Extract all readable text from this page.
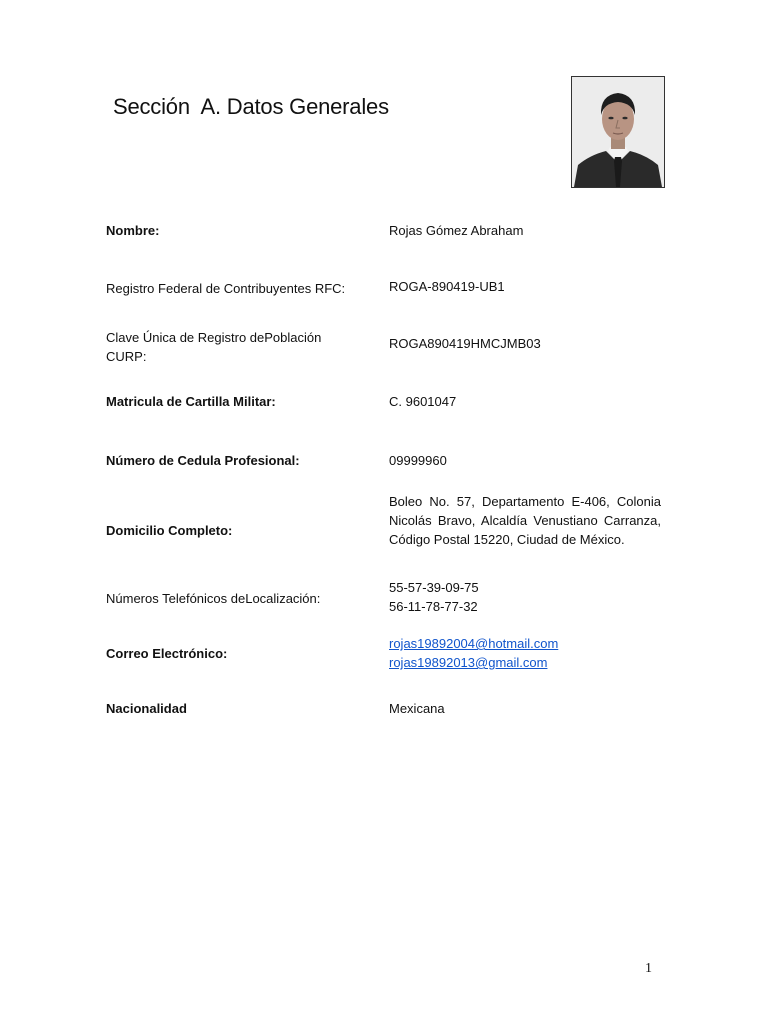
Sección  A. Datos Generales
Nombre:	Rojas Gómez Abraham
Registro Federal de Contribuyentes RFC:	ROGA-890419-UB1
Clave Única de Registro dePoblación CURP:
ROGA890419HMCJMB03
Matricula de Cartilla Militar:	C. 9601047
Número de Cedula Profesional:	09999960
Domicilio Completo:
Boleo No. 57, Departamento E-406, Colonia Nicolás Bravo, Alcaldía Venustiano Carranza, Código Postal 15220, Ciudad de México.
Números Telefónicos deLocalización:
55-57-39-09-75
56-11-78-77-32
Correo Electrónico:
rojas19892004@hotmail.com
rojas19892013@gmail.com
Nacionalidad	Mexicana
1
